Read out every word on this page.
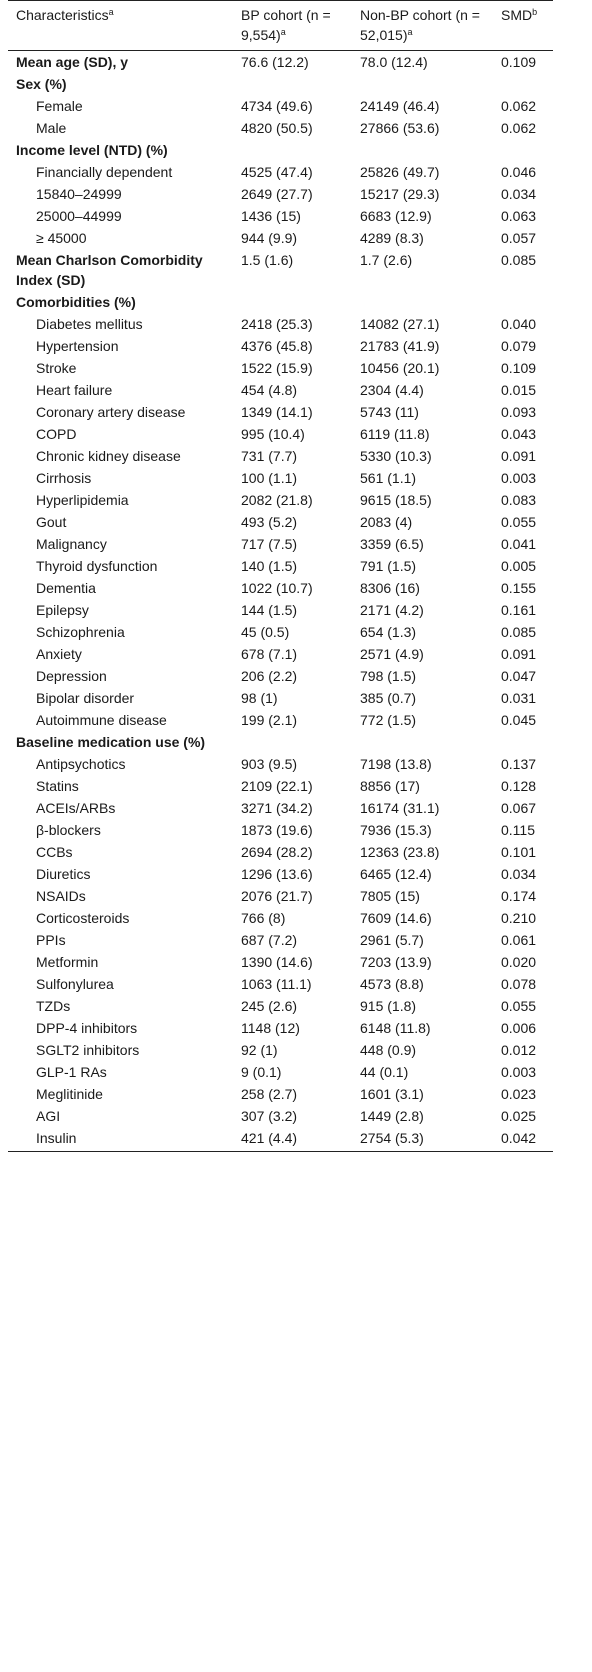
Characteristics$^a$	BP cohort (n = 9,554)$^a$	Non-BP cohort (n = 52,015)$^a$	SMD$^b$
Mean age (SD), y	76.6 (12.2)	78.0 (12.4)	0.109
Sex (%)			
Female	4734 (49.6)	24149 (46.4)	0.062
Male	4820 (50.5)	27866 (53.6)	0.062
Income level (NTD) (%)			
Financially dependent	4525 (47.4)	25826 (49.7)	0.046
15840–24999	2649 (27.7)	15217 (29.3)	0.034
25000–44999	1436 (15)	6683 (12.9)	0.063
≥ 45000	944 (9.9)	4289 (8.3)	0.057
Mean Charlson Comorbidity Index (SD)	1.5 (1.6)	1.7 (2.6)	0.085
Comorbidities (%)			
Diabetes mellitus	2418 (25.3)	14082 (27.1)	0.040
Hypertension	4376 (45.8)	21783 (41.9)	0.079
Stroke	1522 (15.9)	10456 (20.1)	0.109
Heart failure	454 (4.8)	2304 (4.4)	0.015
Coronary artery disease	1349 (14.1)	5743 (11)	0.093
COPD	995 (10.4)	6119 (11.8)	0.043
Chronic kidney disease	731 (7.7)	5330 (10.3)	0.091
Cirrhosis	100 (1.1)	561 (1.1)	0.003
Hyperlipidemia	2082 (21.8)	9615 (18.5)	0.083
Gout	493 (5.2)	2083 (4)	0.055
Malignancy	717 (7.5)	3359 (6.5)	0.041
Thyroid dysfunction	140 (1.5)	791 (1.5)	0.005
Dementia	1022 (10.7)	8306 (16)	0.155
Epilepsy	144 (1.5)	2171 (4.2)	0.161
Schizophrenia	45 (0.5)	654 (1.3)	0.085
Anxiety	678 (7.1)	2571 (4.9)	0.091
Depression	206 (2.2)	798 (1.5)	0.047
Bipolar disorder	98 (1)	385 (0.7)	0.031
Autoimmune disease	199 (2.1)	772 (1.5)	0.045
Baseline medication use (%)			
Antipsychotics	903 (9.5)	7198 (13.8)	0.137
Statins	2109 (22.1)	8856 (17)	0.128
ACEIs/ARBs	3271 (34.2)	16174 (31.1)	0.067
β-blockers	1873 (19.6)	7936 (15.3)	0.115
CCBs	2694 (28.2)	12363 (23.8)	0.101
Diuretics	1296 (13.6)	6465 (12.4)	0.034
NSAIDs	2076 (21.7)	7805 (15)	0.174
Corticosteroids	766 (8)	7609 (14.6)	0.210
PPIs	687 (7.2)	2961 (5.7)	0.061
Metformin	1390 (14.6)	7203 (13.9)	0.020
Sulfonylurea	1063 (11.1)	4573 (8.8)	0.078
TZDs	245 (2.6)	915 (1.8)	0.055
DPP-4 inhibitors	1148 (12)	6148 (11.8)	0.006
SGLT2 inhibitors	92 (1)	448 (0.9)	0.012
GLP-1 RAs	9 (0.1)	44 (0.1)	0.003
Meglitinide	258 (2.7)	1601 (3.1)	0.023
AGI	307 (3.2)	1449 (2.8)	0.025
Insulin	421 (4.4)	2754 (5.3)	0.042
